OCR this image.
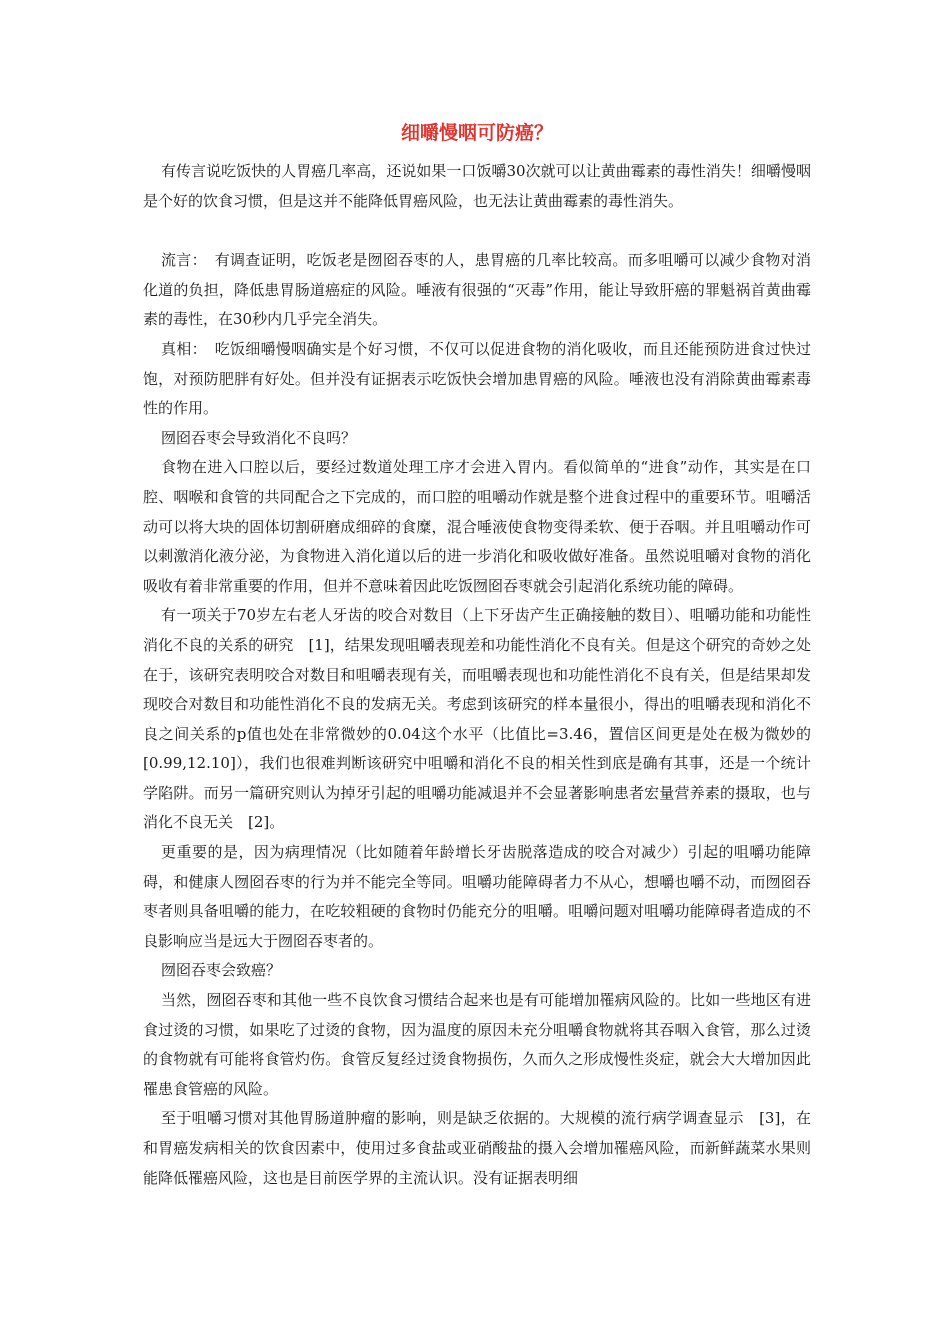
细嚼慢咽可防癌？

有传言说吃饭快的人胃癌几率高，还说如果一口饭嚼30次就可以让黄曲霉素的毒性消失！细嚼慢咽是个好的饮食习惯，但是这并不能降低胃癌风险，也无法让黄曲霉素的毒性消失。

流言：　有调查证明，吃饭老是囫囵吞枣的人，患胃癌的几率比较高。而多咀嚼可以减少食物对消化道的负担，降低患胃肠道癌症的风险。唾液有很强的“灭毒”作用，能让导致肝癌的罪魁祸首黄曲霉素的毒性，在30秒内几乎完全消失。

真相：　吃饭细嚼慢咽确实是个好习惯，不仅可以促进食物的消化吸收，而且还能预防进食过快过饱，对预防肥胖有好处。但并没有证据表示吃饭快会增加患胃癌的风险。唾液也没有消除黄曲霉素毒性的作用。

囫囵吞枣会导致消化不良吗？

食物在进入口腔以后，要经过数道处理工序才会进入胃内。看似简单的“进食”动作，其实是在口腔、咽喉和食管的共同配合之下完成的，而口腔的咀嚼动作就是整个进食过程中的重要环节。咀嚼活动可以将大块的固体切割研磨成细碎的食糜，混合唾液使食物变得柔软、便于吞咽。并且咀嚼动作可以刺激消化液分泌，为食物进入消化道以后的进一步消化和吸收做好准备。虽然说咀嚼对食物的消化吸收有着非常重要的作用，但并不意味着因此吃饭囫囵吞枣就会引起消化系统功能的障碍。

有一项关于70岁左右老人牙齿的咬合对数目（上下牙齿产生正确接触的数目）、咀嚼功能和功能性消化不良的关系的研究　[1]，结果发现咀嚼表现差和功能性消化不良有关。但是这个研究的奇妙之处在于，该研究表明咬合对数目和咀嚼表现有关，而咀嚼表现也和功能性消化不良有关，但是结果却发现咬合对数目和功能性消化不良的发病无关。考虑到该研究的样本量很小，得出的咀嚼表现和消化不良之间关系的p值也处在非常微妙的0.04这个水平（比值比=3.46，置信区间更是处在极为微妙的[0.99,12.10]），我们也很难判断该研究中咀嚼和消化不良的相关性到底是确有其事，还是一个统计学陷阱。而另一篇研究则认为掉牙引起的咀嚼功能减退并不会显著影响患者宏量营养素的摄取，也与消化不良无关　[2]。

更重要的是，因为病理情况（比如随着年龄增长牙齿脱落造成的咬合对减少）引起的咀嚼功能障碍，和健康人囫囵吞枣的行为并不能完全等同。咀嚼功能障碍者力不从心，想嚼也嚼不动，而囫囵吞枣者则具备咀嚼的能力，在吃较粗硬的食物时仍能充分的咀嚼。咀嚼问题对咀嚼功能障碍者造成的不良影响应当是远大于囫囵吞枣者的。

囫囵吞枣会致癌？

当然，囫囵吞枣和其他一些不良饮食习惯结合起来也是有可能增加罹病风险的。比如一些地区有进食过烫的习惯，如果吃了过烫的食物，因为温度的原因未充分咀嚼食物就将其吞咽入食管，那么过烫的食物就有可能将食管灼伤。食管反复经过烫食物损伤，久而久之形成慢性炎症，就会大大增加因此罹患食管癌的风险。

至于咀嚼习惯对其他胃肠道肿瘤的影响，则是缺乏依据的。大规模的流行病学调查显示　[3]，在和胃癌发病相关的饮食因素中，使用过多食盐或亚硝酸盐的摄入会增加罹癌风险，而新鲜蔬菜水果则能降低罹癌风险，这也是目前医学界的主流认识。没有证据表明细
